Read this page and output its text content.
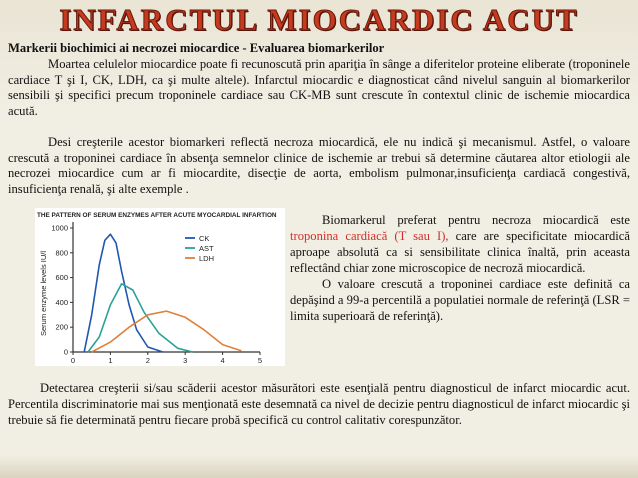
INFARCTUL MIOCARDIC ACUT
Markerii biochimici ai necrozei miocardice - Evaluarea biomarkerilor
Moartea celulelor miocardice poate fi recunoscută prin apariţia în sânge a diferitelor proteine eliberate (troponinele cardiace T şi I, CK, LDH, ca şi multe altele). Infarctul miocardic e diagnosticat când nivelul sanguin al biomarkerilor sensibili şi specifici precum troponinele cardiace sau CK-MB sunt crescute în contextul clinic de ischemie miocardica acută.
Desi creşterile acestor biomarkeri reflectă necroza miocardică, ele nu indică şi mecanismul. Astfel, o valoare crescută a troponinei cardiace în absenţa semnelor clinice de ischemie ar trebui să determine căutarea altor etiologii ale necrozei miocardice cum ar fi miocardite, disecţie de aorta, embolism pulmonar,insuficienţa cardiacă congestivă, insuficienţa renală, şi alte exemple .
THE PATTERN OF SERUM ENZYMES AFTER ACUTE MYOCARDIAL INFARTION
Serum enzyme levels IU/l
0
200
400
600
800
1000
0	1	2	3	4	5
CK
AST
LDH
Biomarkerul preferat pentru necroza miocardică este troponina cardiacă (T sau I), care are specificitate miocardică aproape absolută ca si sensibilitate clinica înaltă, prin aceasta reflectând chiar zone microscopice de necroză miocardică.
O valoare crescută a troponinei cardiace este definită ca depăşind a 99-a percentilă a populatiei normale de referinţă (LSR = limita superioară de referinţă).
Detectarea creşterii si/sau scăderii acestor măsurători este esenţială pentru diagnosticul de infarct miocardic acut. Percentila discriminatorie mai sus menţionată este desemnată ca nivel de decizie pentru diagnosticul de infarct miocardic şi trebuie să fie determinată pentru fiecare probă specifică cu control calitativ corespunzător.
